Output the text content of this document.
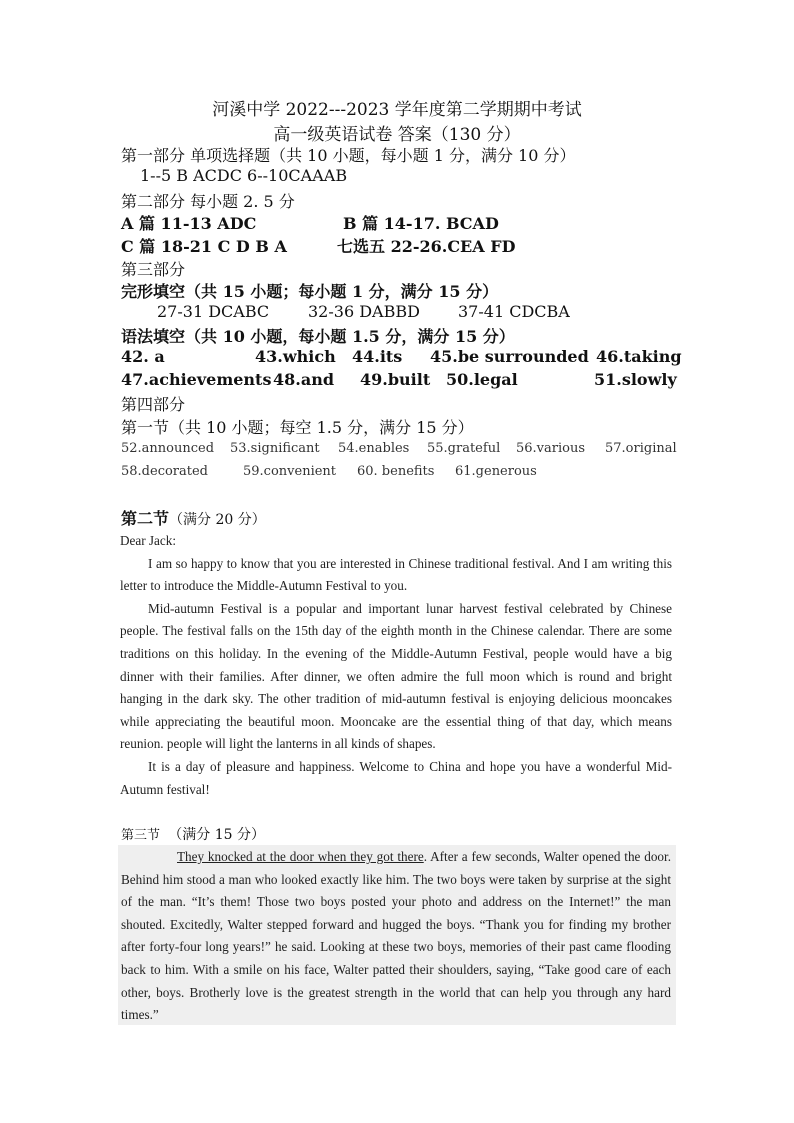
河溪中学 2022---2023 学年度第二学期期中考试
高一级英语试卷 答案（130 分）
第一部分 单项选择题（共 10 小题，每小题 1 分，满分 10 分）
1--5 B ACDC 6--10CAAAB
第二部分 每小题 2. 5 分
A 篇 11-13 ADC	B 篇 14-17. BCAD
C 篇 18-21 C D B A	七选五 22-26.CEA FD
第三部分
完形填空（共 15 小题；每小题 1 分，满分 15 分）
27-31 DCABC 32-36 DABBD 37-41 CDCBA
语法填空（共 10 小题，每小题 1.5 分，满分 15 分）
42. a	43.which 44.its 45.be surrounded 46.taking
47.achievements 48.and 49.built 50.legal	51.slowly
第四部分
第一节（共 10 小题；每空 1.5 分，满分 15 分）
52.announced 53.significant 54.enables 55.grateful 56.various 57.original
58.decorated	59.convenient 60. benefits 61.generous
第二节（满分 20 分）
Dear Jack:

I am so happy to know that you are interested in Chinese traditional festival. And I am writing this letter to introduce the Middle-Autumn Festival to you.

Mid-autumn Festival is a popular and important lunar harvest festival celebrated by Chinese people. The festival falls on the 15th day of the eighth month in the Chinese calendar. There are some traditions on this holiday. In the evening of the Middle-Autumn Festival, people would have a big dinner with their families. After dinner, we often admire the full moon which is round and bright hanging in the dark sky. The other tradition of mid-autumn festival is enjoying delicious mooncakes while appreciating the beautiful moon. Mooncake are the essential thing of that day, which means reunion. people will light the lanterns in all kinds of shapes.

It is a day of pleasure and happiness. Welcome to China and hope you have a wonderful Mid-Autumn festival!

第三节 （满分 15 分）

They knocked at the door when they got there. After a few seconds, Walter opened the door. Behind him stood a man who looked exactly like him. The two boys were taken by surprise at the sight of the man. “It’s them! Those two boys posted your photo and address on the Internet!” the man shouted. Excitedly, Walter stepped forward and hugged the boys. “Thank you for finding my brother after forty-four long years!” he said. Looking at these two boys, memories of their past came flooding back to him. With a smile on his face, Walter patted their shoulders, saying, “Take good care of each other, boys. Brotherly love is the greatest strength in the world that can help you through any hard times.”
